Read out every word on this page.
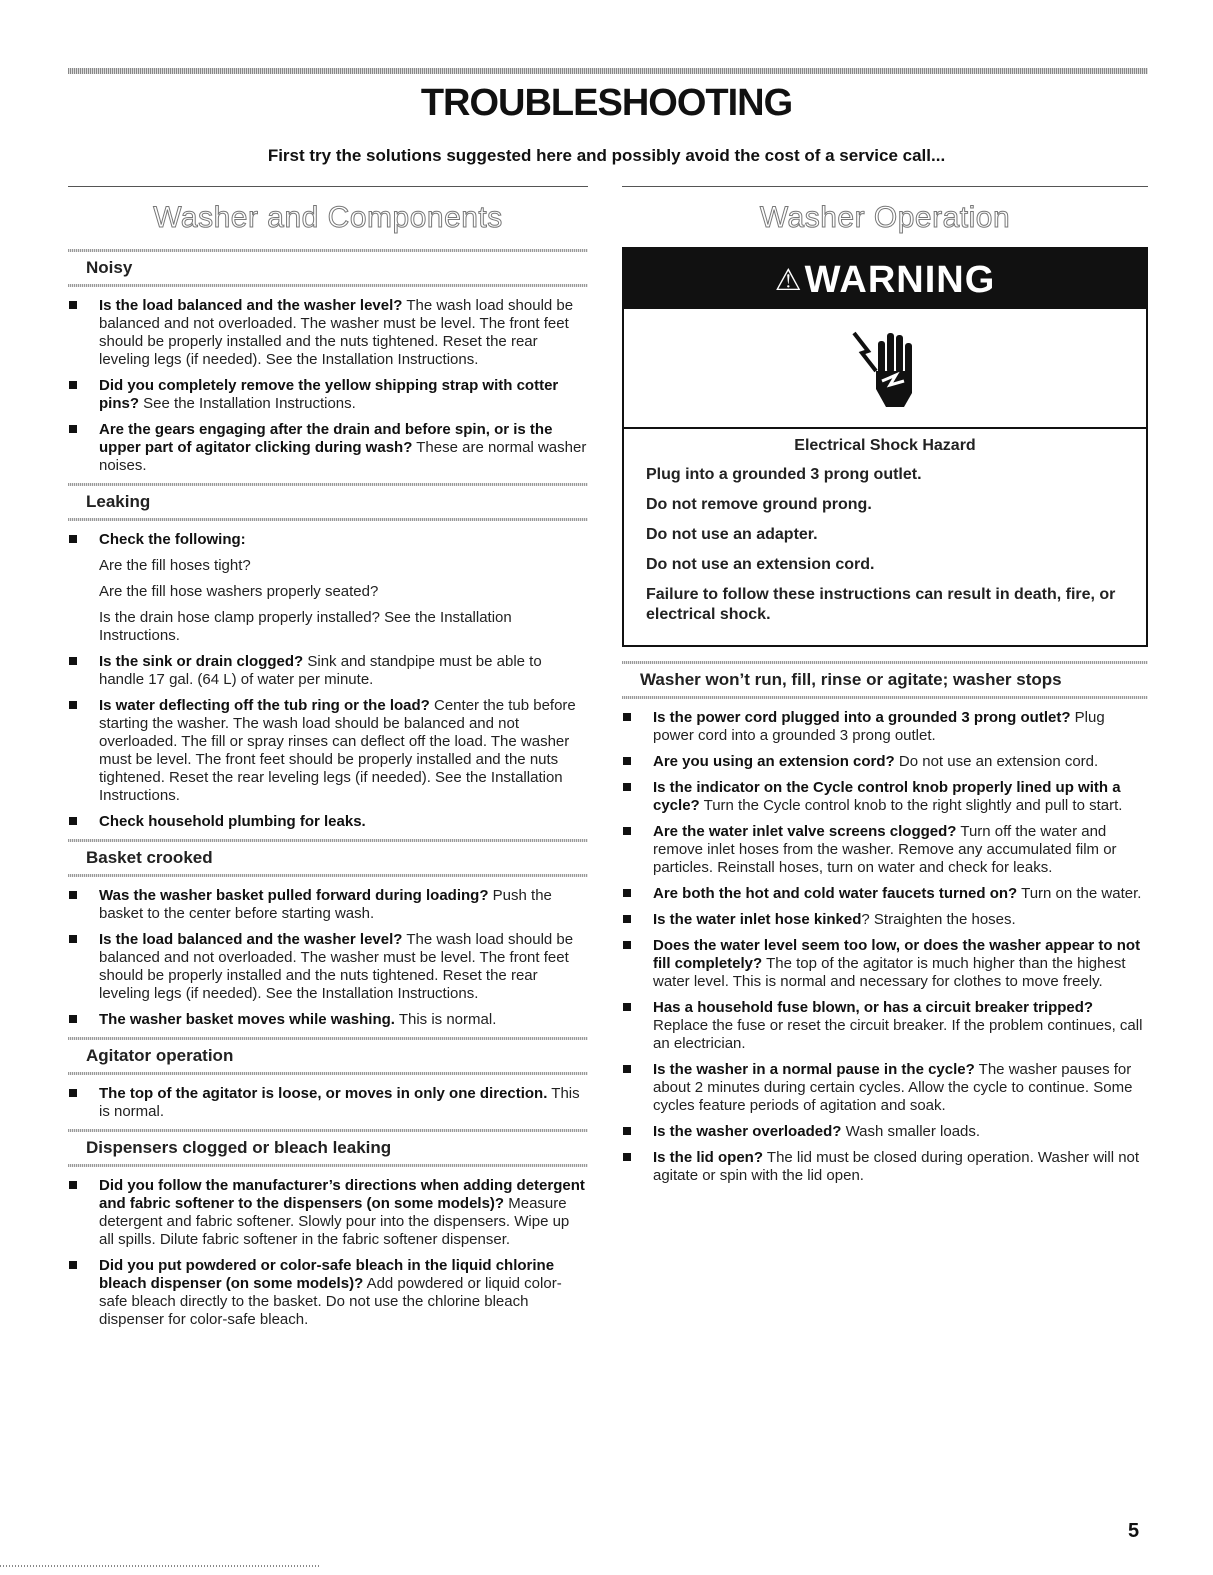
TROUBLESHOOTING
First try the solutions suggested here and possibly avoid the cost of a service call...
Washer and Components
Noisy
Is the load balanced and the washer level? The wash load should be balanced and not overloaded. The washer must be level. The front feet should be properly installed and the nuts tightened. Reset the rear leveling legs (if needed). See the Installation Instructions.
Did you completely remove the yellow shipping strap with cotter pins? See the Installation Instructions.
Are the gears engaging after the drain and before spin, or is the upper part of agitator clicking during wash? These are normal washer noises.
Leaking
Check the following:
Are the fill hoses tight?
Are the fill hose washers properly seated?
Is the drain hose clamp properly installed? See the Installation Instructions.
Is the sink or drain clogged? Sink and standpipe must be able to handle 17 gal. (64 L) of water per minute.
Is water deflecting off the tub ring or the load? Center the tub before starting the washer. The wash load should be balanced and not overloaded. The fill or spray rinses can deflect off the load. The washer must be level. The front feet should be properly installed and the nuts tightened. Reset the rear leveling legs (if needed). See the Installation Instructions.
Check household plumbing for leaks.
Basket crooked
Was the washer basket pulled forward during loading? Push the basket to the center before starting wash.
Is the load balanced and the washer level? The wash load should be balanced and not overloaded. The washer must be level. The front feet should be properly installed and the nuts tightened. Reset the rear leveling legs (if needed). See the Installation Instructions.
The washer basket moves while washing. This is normal.
Agitator operation
The top of the agitator is loose, or moves in only one direction. This is normal.
Dispensers clogged or bleach leaking
Did you follow the manufacturer’s directions when adding detergent and fabric softener to the dispensers (on some models)? Measure detergent and fabric softener. Slowly pour into the dispensers. Wipe up all spills. Dilute fabric softener in the fabric softener dispenser.
Did you put powdered or color-safe bleach in the liquid chlorine bleach dispenser (on some models)? Add powdered or liquid color-safe bleach directly to the basket. Do not use the chlorine bleach dispenser for color-safe bleach.
Washer Operation
⚠WARNING
Electrical Shock Hazard

Plug into a grounded 3 prong outlet.

Do not remove ground prong.

Do not use an adapter.

Do not use an extension cord.

Failure to follow these instructions can result in death, fire, or electrical shock.

Washer won’t run, fill, rinse or agitate; washer stops
Is the power cord plugged into a grounded 3 prong outlet? Plug power cord into a grounded 3 prong outlet.
Are you using an extension cord? Do not use an extension cord.
Is the indicator on the Cycle control knob properly lined up with a cycle? Turn the Cycle control knob to the right slightly and pull to start.
Are the water inlet valve screens clogged? Turn off the water and remove inlet hoses from the washer. Remove any accumulated film or particles. Reinstall hoses, turn on water and check for leaks.
Are both the hot and cold water faucets turned on? Turn on the water.
Is the water inlet hose kinked? Straighten the hoses.
Does the water level seem too low, or does the washer appear to not fill completely? The top of the agitator is much higher than the highest water level. This is normal and necessary for clothes to move freely.
Has a household fuse blown, or has a circuit breaker tripped? Replace the fuse or reset the circuit breaker. If the problem continues, call an electrician.
Is the washer in a normal pause in the cycle? The washer pauses for about 2 minutes during certain cycles. Allow the cycle to continue. Some cycles feature periods of agitation and soak.
Is the washer overloaded? Wash smaller loads.
Is the lid open? The lid must be closed during operation. Washer will not agitate or spin with the lid open.
5
